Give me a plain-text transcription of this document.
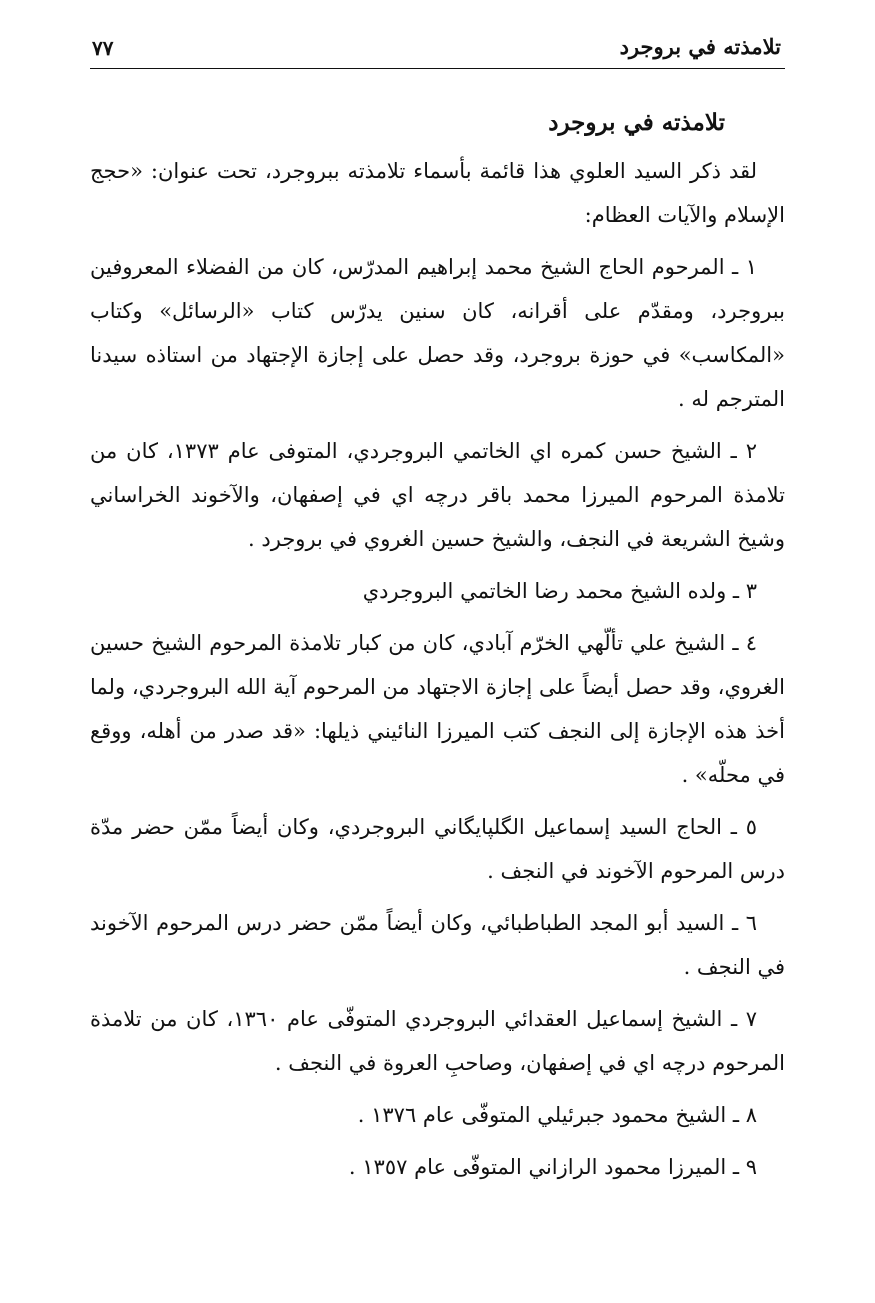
تلامذته في بروجرد
٧٧
تلامذته في بروجرد

لقد ذكر السيد العلوي هذا قائمة بأسماء تلامذته ببروجرد، تحت عنوان: «حجج الإسلام والآيات العظام:

١ ـ المرحوم الحاج الشيخ محمد إبراهيم المدرّس، كان من الفضلاء المعروفين ببروجرد، ومقدّم على أقرانه، كان سنين يدرّس كتاب «الرسائل» وكتاب «المكاسب» في حوزة بروجرد، وقد حصل على إجازة الإجتهاد من استاذه سيدنا المترجم له .

٢ ـ الشيخ حسن كمره اي الخاتمي البروجردي، المتوفى عام ١٣٧٣، كان من تلامذة المرحوم الميرزا محمد باقر درچه اي في إصفهان، والآخوند الخراساني وشيخ الشريعة في النجف، والشيخ حسين الغروي في بروجرد .

٣ ـ ولده الشيخ محمد رضا الخاتمي البروجردي

٤ ـ الشيخ علي تألّهي الخرّم آبادي، كان من كبار تلامذة المرحوم الشيخ حسين الغروي، وقد حصل أيضاً على إجازة الاجتهاد من المرحوم آية الله البروجردي، ولما أخذ هذه الإجازة إلى النجف كتب الميرزا النائيني ذيلها: «قد صدر من أهله، ووقع في محلّه» .

٥ ـ الحاج السيد إسماعيل الگلپايگاني البروجردي، وكان أيضاً ممّن حضر مدّة درس المرحوم الآخوند في النجف .

٦ ـ السيد أبو المجد الطباطبائي، وكان أيضاً ممّن حضر درس المرحوم الآخوند في النجف .

٧ ـ الشيخ إسماعيل العقدائي البروجردي المتوفّى عام ١٣٦٠، كان من تلامذة المرحوم درچه اي في إصفهان، وصاحبِ العروة في النجف .

٨ ـ الشيخ محمود جبرئيلي المتوفّى عام ١٣٧٦ .

٩ ـ الميرزا محمود الرازاني المتوفّى عام ١٣٥٧ .
